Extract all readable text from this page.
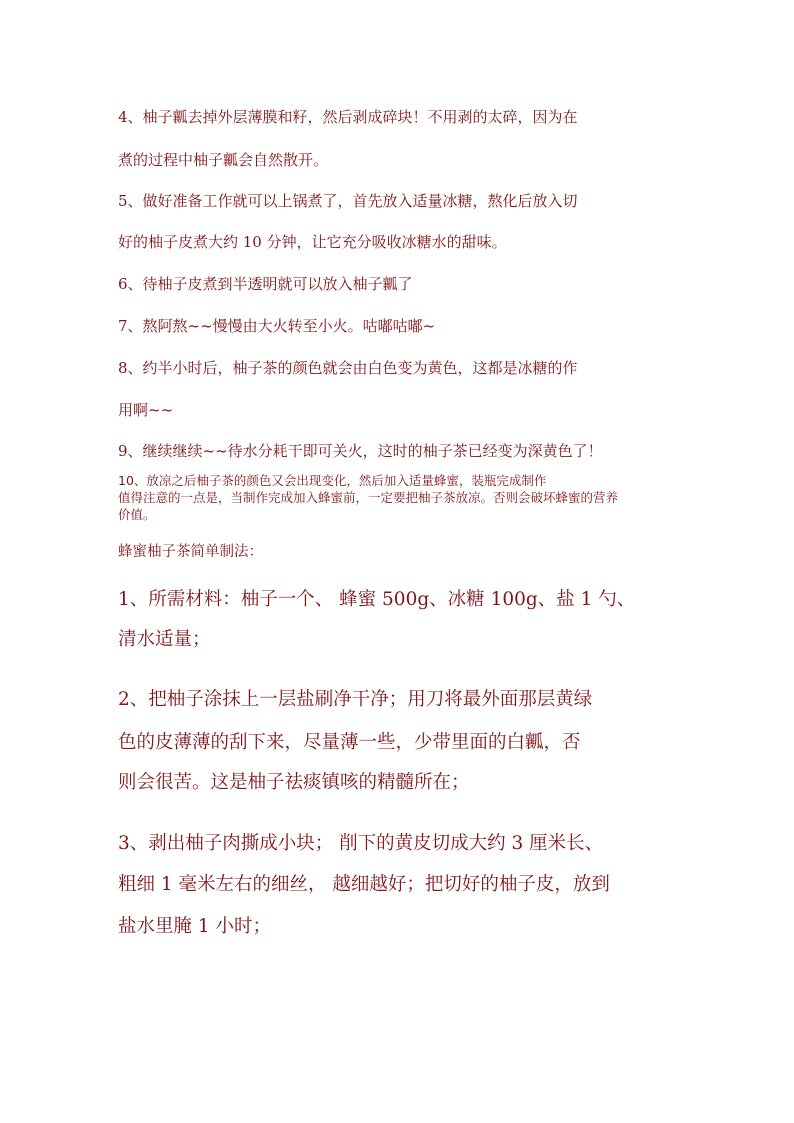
4、柚子瓤去掉外层薄膜和籽，然后剥成碎块！不用剥的太碎，因为在

煮的过程中柚子瓤会自然散开。

5、做好准备工作就可以上锅煮了，首先放入适量冰糖，熬化后放入切

好的柚子皮煮大约 10 分钟，让它充分吸收冰糖水的甜味。

6、待柚子皮煮到半透明就可以放入柚子瓤了

7、熬阿熬~~慢慢由大火转至小火。咕嘟咕嘟~

8、约半小时后，柚子茶的颜色就会由白色变为黄色，这都是冰糖的作

用啊~~

9、继续继续~~待水分耗干即可关火，这时的柚子茶已经变为深黄色了！

10、放凉之后柚子茶的颜色又会出现变化，然后加入适量蜂蜜，装瓶完成制作

值得注意的一点是，当制作完成加入蜂蜜前，一定要把柚子茶放凉。否则会破坏蜂蜜的营养

价值。

蜂蜜柚子茶简单制法：

1、所需材料：柚子一个、 蜂蜜 500g、冰糖 100g、盐 1 勺、

清水适量；

2、把柚子涂抹上一层盐刷净干净；用刀将最外面那层黄绿

色的皮薄薄的刮下来，尽量薄一些，少带里面的白瓤，否

则会很苦。这是柚子祛痰镇咳的精髓所在；

3、剥出柚子肉撕成小块； 削下的黄皮切成大约 3 厘米长、

粗细 1 毫米左右的细丝， 越细越好；把切好的柚子皮，放到

盐水里腌 1 小时；
